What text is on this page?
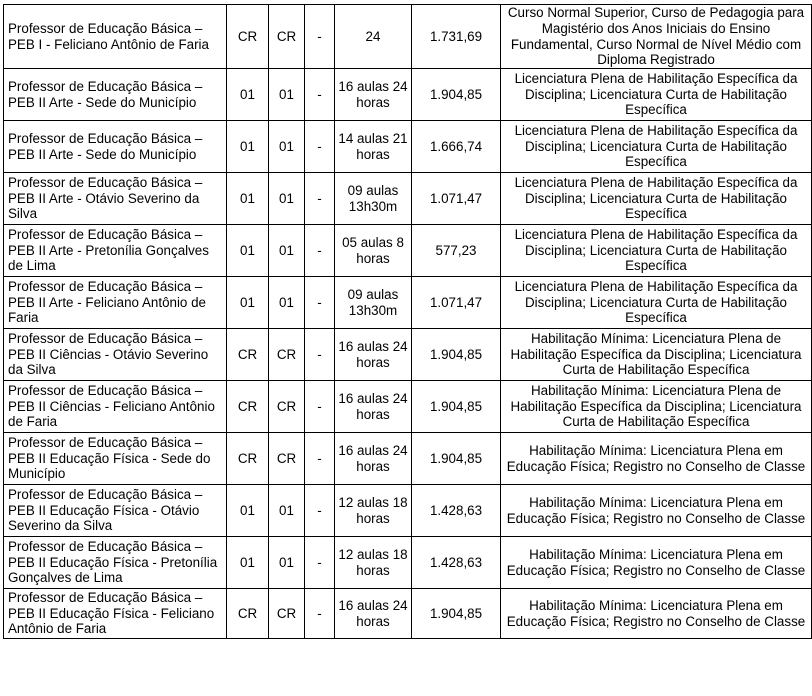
Professor de Educação Básica – PEB I - Feliciano Antônio de Faria	CR	CR	-	24	1.731,69	Curso Normal Superior, Curso de Pedagogia para Magistério dos Anos Iniciais do Ensino Fundamental, Curso Normal de Nível Médio com Diploma Registrado
Professor de Educação Básica – PEB II Arte - Sede do Município	01	01	-	16 aulas 24 horas	1.904,85	Licenciatura Plena de Habilitação Específica da Disciplina; Licenciatura Curta de Habilitação Específica
Professor de Educação Básica – PEB II Arte - Sede do Município	01	01	-	14 aulas 21 horas	1.666,74	Licenciatura Plena de Habilitação Específica da Disciplina; Licenciatura Curta de Habilitação Específica
Professor de Educação Básica – PEB II Arte - Otávio Severino da Silva	01	01	-	09 aulas 13h30m	1.071,47	Licenciatura Plena de Habilitação Específica da Disciplina; Licenciatura Curta de Habilitação Específica
Professor de Educação Básica – PEB II Arte - Pretonília Gonçalves de Lima	01	01	-	05 aulas 8 horas	577,23	Licenciatura Plena de Habilitação Específica da Disciplina; Licenciatura Curta de Habilitação Específica
Professor de Educação Básica – PEB II Arte - Feliciano Antônio de Faria	01	01	-	09 aulas 13h30m	1.071,47	Licenciatura Plena de Habilitação Específica da Disciplina; Licenciatura Curta de Habilitação Específica
Professor de Educação Básica – PEB II Ciências - Otávio Severino da Silva	CR	CR	-	16 aulas 24 horas	1.904,85	Habilitação Mínima: Licenciatura Plena de Habilitação Específica da Disciplina; Licenciatura Curta de Habilitação Específica
Professor de Educação Básica – PEB II Ciências - Feliciano Antônio de Faria	CR	CR	-	16 aulas 24 horas	1.904,85	Habilitação Mínima: Licenciatura Plena de Habilitação Específica da Disciplina; Licenciatura Curta de Habilitação Específica
Professor de Educação Básica – PEB II Educação Física - Sede do Município	CR	CR	-	16 aulas 24 horas	1.904,85	Habilitação Mínima: Licenciatura Plena em Educação Física; Registro no Conselho de Classe
Professor de Educação Básica – PEB II Educação Física - Otávio Severino da Silva	01	01	-	12 aulas 18 horas	1.428,63	Habilitação Mínima: Licenciatura Plena em Educação Física; Registro no Conselho de Classe
Professor de Educação Básica – PEB II Educação Física - Pretonília Gonçalves de Lima	01	01	-	12 aulas 18 horas	1.428,63	Habilitação Mínima: Licenciatura Plena em Educação Física; Registro no Conselho de Classe
Professor de Educação Básica – PEB II Educação Física - Feliciano Antônio de Faria	CR	CR	-	16 aulas 24 horas	1.904,85	Habilitação Mínima: Licenciatura Plena em Educação Física; Registro no Conselho de Classe
